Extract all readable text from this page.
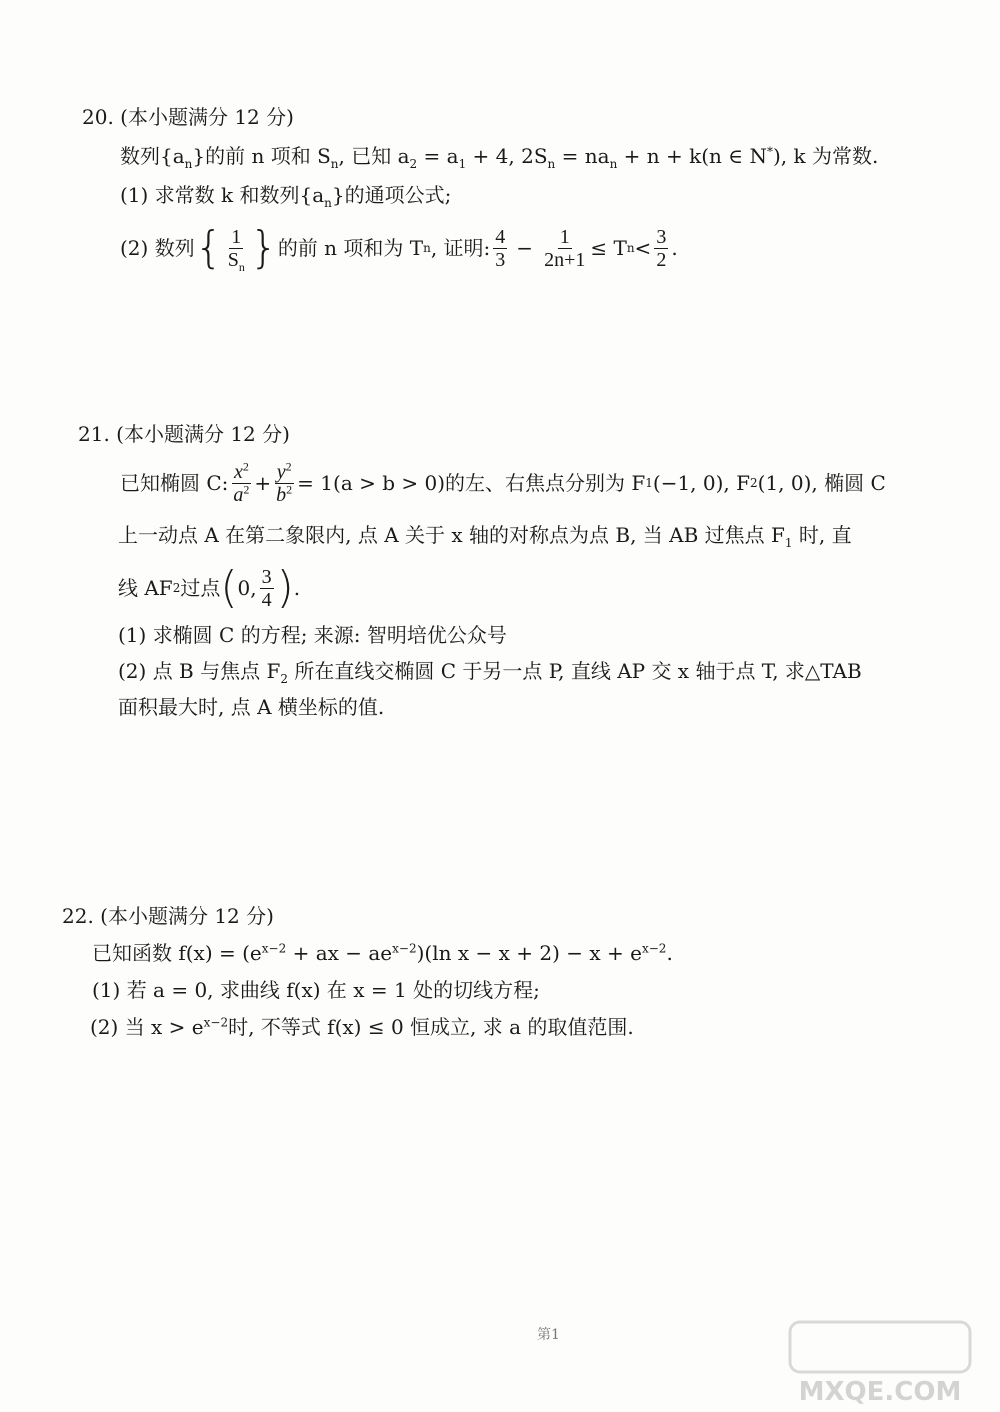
20. (本小题满分 12 分)
数列$\{a_n\}$的前 n 项和 $S_n$, 已知 $a_2 = a_1 + 4$, $2S_n = na_n + n + k(n$ ∈ N*), k 为常数.
(1) 求常数 k 和数列$\{a_n\}$的通项公式;
(2) 数列 { $\frac{1}{S_n}$ } 的前 n 项和为 T n , 证明: $\frac{4}{3} - \frac{1}{2n+1} \le T$ $n < \frac{3}{2}$ .
21. (本小题满分 12 分)
已知椭圆 C: $\frac{x^2}{a^2} + \frac{y^2}{b^2} = 1(a > b > 0)$的左、右焦点分别为 F 1 (−1, 0), F 2 (1, 0), 椭圆 C
上一动点 A 在第二象限内, 点 A 关于 x 轴的对称点为点 B, 当 AB 过焦点 $F_1$ 时, 直
线 AF 2 过点 ( 0, $\frac{3}{4}$ ) .
(1) 求椭圆 C 的方程; 来源: 智明培优公众号
(2) 点 B 与焦点 $F_2$ 所在直线交椭圆 C 于另一点 P, 直线 AP 交 x 轴于点 T, 求△TAB
面积最大时, 点 A 横坐标的值.
22. (本小题满分 12 分)
已知函数 $f(x) = (e^{x-2}$ + ax − $ae^{x-2})(\ln$ $x - x + 2) - x + e^{x-2}$.
(1) 若 a = 0, 求曲线 f(x) 在 x = 1 处的切线方程;
(2) 当 $x > e^{x-2}$时, 不等式 f(x) ≤ 0 恒成立, 求 a 的取值范围.
第1
MXQE.COM
